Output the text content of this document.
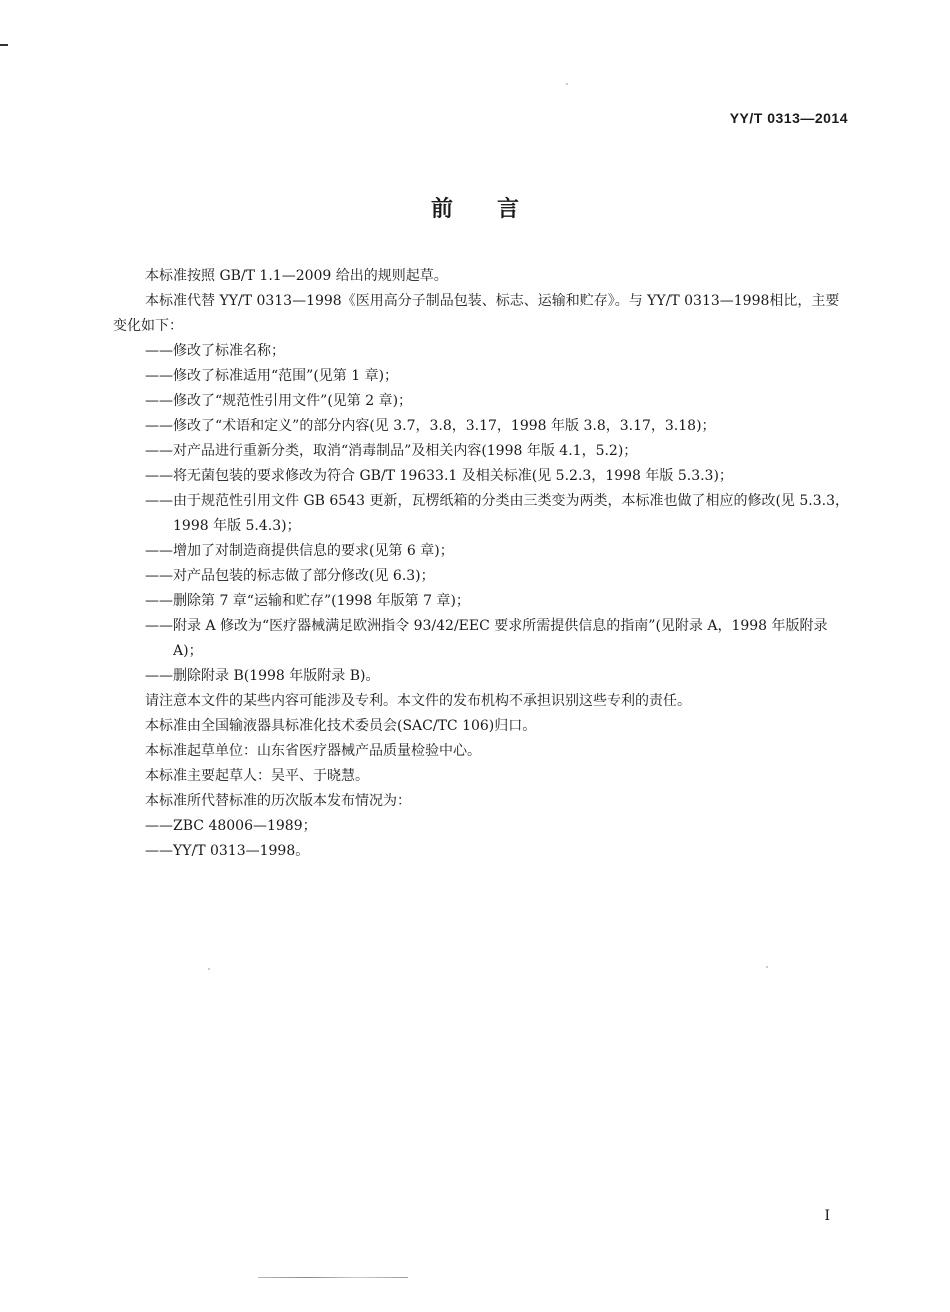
YY/T 0313—2014
前言

本标准按照 GB/T 1.1—2009 给出的规则起草。

本标准代替 YY/T 0313—1998《医用高分子制品包装、标志、运输和贮存》。与 YY/T 0313—1998相比，主要变化如下：

——修改了标准名称；

——修改了标准适用“范围”(见第 1 章)；

——修改了“规范性引用文件”(见第 2 章)；

——修改了“术语和定义”的部分内容(见 3.7，3.8，3.17，1998 年版 3.8，3.17，3.18)；

——对产品进行重新分类，取消“消毒制品”及相关内容(1998 年版 4.1，5.2)；

——将无菌包装的要求修改为符合 GB/T 19633.1 及相关标准(见 5.2.3，1998 年版 5.3.3)；

——由于规范性引用文件 GB 6543 更新，瓦楞纸箱的分类由三类变为两类，本标准也做了相应的修改(见 5.3.3，1998 年版 5.4.3)；

——增加了对制造商提供信息的要求(见第 6 章)；

——对产品包装的标志做了部分修改(见 6.3)；

——删除第 7 章“运输和贮存”(1998 年版第 7 章)；

——附录 A 修改为“医疗器械满足欧洲指令 93/42/EEC 要求所需提供信息的指南”(见附录 A，1998 年版附录 A)；

——删除附录 B(1998 年版附录 B)。

请注意本文件的某些内容可能涉及专利。本文件的发布机构不承担识别这些专利的责任。

本标准由全国输液器具标准化技术委员会(SAC/TC 106)归口。

本标准起草单位：山东省医疗器械产品质量检验中心。

本标准主要起草人：吴平、于晓慧。

本标准所代替标准的历次版本发布情况为：

——ZBC 48006—1989；

——YY/T 0313—1998。

I
